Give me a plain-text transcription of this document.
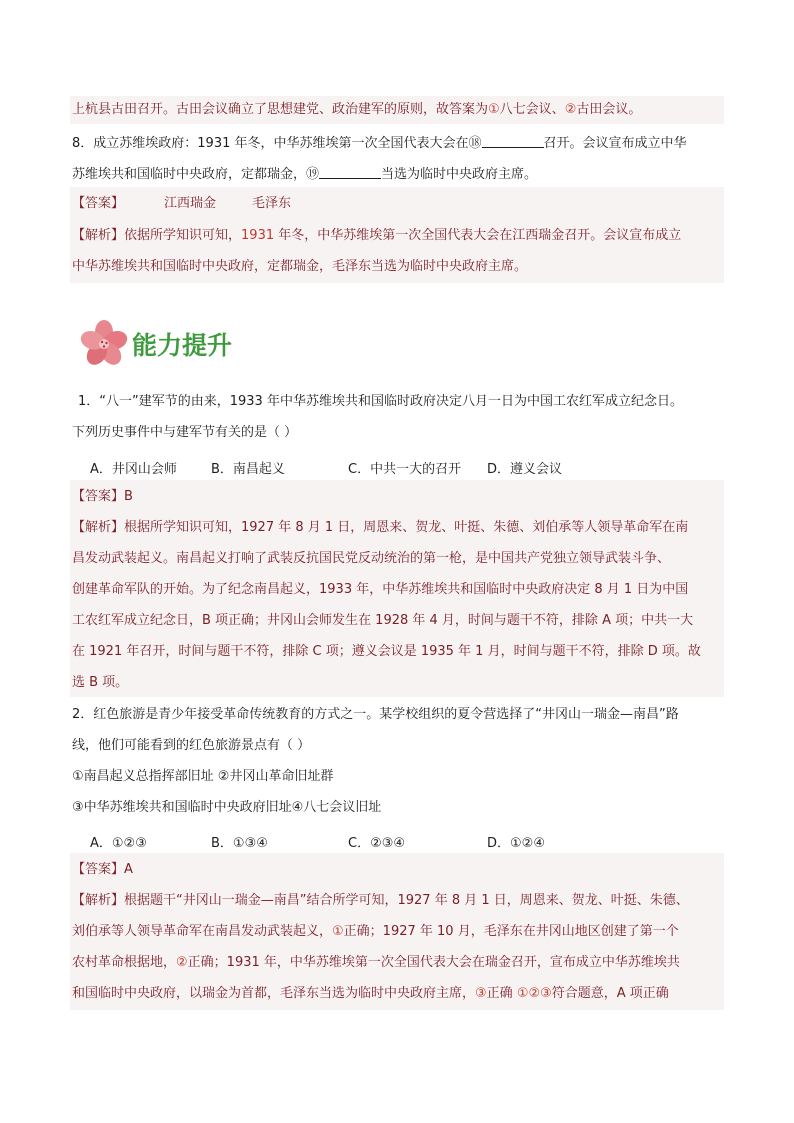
上杭县古田召开。古田会议确立了思想建党、政治建军的原则，故答案为①八七会议、②古田会议。
8．成立苏维埃政府：1931 年冬，中华苏维埃第一次全国代表大会在⑱	召开。会议宣布成立中华
苏维埃共和国临时中央政府，定都瑞金，⑲	当选为临时中央政府主席。
【答案】	江西瑞金	毛泽东
【解析】依据所学知识可知，1931 年冬，中华苏维埃第一次全国代表大会在江西瑞金召开。会议宣布成立
中华苏维埃共和国临时中央政府，定都瑞金，毛泽东当选为临时中央政府主席。
能力提升
1．“八一”建军节的由来，1933 年中华苏维埃共和国临时政府决定八月一日为中国工农红军成立纪念日。
下列历史事件中与建军节有关的是（ ）
A．井冈山会师	B．南昌起义	C．中共一大的召开 D．遵义会议
【答案】B
【解析】根据所学知识可知，1927 年 8 月 1 日，周恩来、贺龙、叶挺、朱德、刘伯承等人领导革命军在南
昌发动武装起义。南昌起义打响了武装反抗国民党反动统治的第一枪，是中国共产党独立领导武装斗争、
创建革命军队的开始。为了纪念南昌起义，1933 年，中华苏维埃共和国临时中央政府决定 8 月 1 日为中国
工农红军成立纪念日，B 项正确；井冈山会师发生在 1928 年 4 月，时间与题干不符，排除 A 项；中共一大
在 1921 年召开，时间与题干不符，排除 C 项；遵义会议是 1935 年 1 月，时间与题干不符，排除 D 项。故
选 B 项。
2．红色旅游是青少年接受革命传统教育的方式之一。某学校组织的夏令营选择了“井冈山一瑞金—南昌”路
线，他们可能看到的红色旅游景点有（ ）
①南昌起义总指挥部旧址 ②井冈山革命旧址群
③中华苏维埃共和国临时中央政府旧址④八七会议旧址
A．①②③	B．①③④	C．②③④	D．①②④
【答案】A
【解析】根据题干“井冈山一瑞金—南昌”结合所学可知，1927 年 8 月 1 日，周恩来、贺龙、叶挺、朱德、
刘伯承等人领导革命军在南昌发动武装起义，①正确；1927 年 10 月，毛泽东在井冈山地区创建了第一个
农村革命根据地，②正确；1931 年，中华苏维埃第一次全国代表大会在瑞金召开，宣布成立中华苏维埃共
和国临时中央政府，以瑞金为首都，毛泽东当选为临时中央政府主席，③正确 ①②③符合题意，A 项正确
